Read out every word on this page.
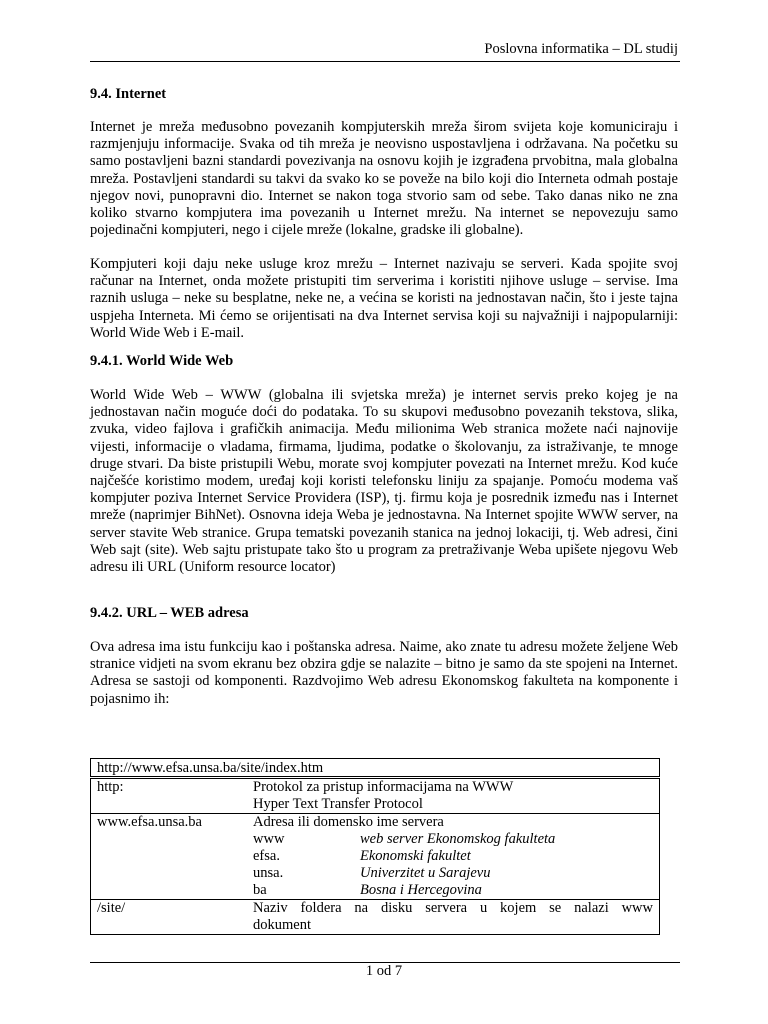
Poslovna informatika – DL studij
9.4. Internet

Internet je mreža međusobno povezanih kompjuterskih mreža širom svijeta koje komuniciraju i razmjenjuju informacije. Svaka od tih mreža je neovisno uspostavljena i održavana. Na početku su samo postavljeni bazni standardi povezivanja na osnovu kojih je izgrađena prvobitna, mala globalna mreža. Postavljeni standardi su takvi da svako ko se poveže na bilo koji dio Interneta odmah postaje njegov novi, punopravni dio. Internet se nakon toga stvorio sam od sebe. Tako danas niko ne zna koliko stvarno kompjutera ima povezanih u Internet mrežu. Na internet se nepovezuju samo pojedinačni kompjuteri, nego i cijele mreže (lokalne, gradske ili globalne).

Kompjuteri koji daju neke usluge kroz mrežu – Internet nazivaju se serveri. Kada spojite svoj računar na Internet, onda možete pristupiti tim serverima i koristiti njihove usluge – servise. Ima raznih usluga – neke su besplatne, neke ne, a većina se koristi na jednostavan način, što i jeste tajna uspjeha Interneta. Mi ćemo se orijentisati na dva Internet servisa koji su najvažniji i najpopularniji: World Wide Web i E-mail.

9.4.1. World Wide Web

World Wide Web – WWW (globalna ili svjetska mreža) je internet servis preko kojeg je na jednostavan način moguće doći do podataka. To su skupovi međusobno povezanih tekstova, slika, zvuka, video fajlova i grafičkih animacija. Među milionima Web stranica možete naći najnovije vijesti, informacije o vladama, firmama, ljudima, podatke o školovanju, za istraživanje, te mnoge druge stvari. Da biste pristupili Webu, morate svoj kompjuter povezati na Internet mrežu. Kod kuće najčešće koristimo modem, uređaj koji koristi telefonsku liniju za spajanje. Pomoću modema vaš kompjuter poziva Internet Service Providera (ISP), tj. firmu koja je posrednik između nas i Internet mreže (naprimjer BihNet). Osnovna ideja Weba je jednostavna. Na Internet spojite WWW server, na server stavite Web stranice. Grupa tematski povezanih stanica na jednoj lokaciji, tj. Web adresi, čini Web sajt (site). Web sajtu pristupate tako što u program za pretraživanje Weba upišete njegovu Web adresu ili URL (Uniform resource locator)

9.4.2. URL – WEB adresa

Ova adresa ima istu funkciju kao i poštanska adresa. Naime, ako znate tu adresu možete željene Web stranice vidjeti na svom ekranu bez obzira gdje se nalazite – bitno je samo da ste spojeni na Internet. Adresa se sastoji od komponenti. Razdvojimo Web adresu Ekonomskog fakulteta na komponente i pojasnimo ih:

http://www.efsa.unsa.ba/site/index.htm
http:	Protokol za pristup informacijama na WWW
Hyper Text Transfer Protocol
www.efsa.unsa.ba	Adresa ili domensko ime servera
www	web server Ekonomskog fakulteta
efsa.	Ekonomski fakultet
unsa.	Univerzitet u Sarajevu
ba	Bosna i Hercegovina
/site/	Naziv foldera na disku servera u kojem se nalazi www
dokument
1 od 7
